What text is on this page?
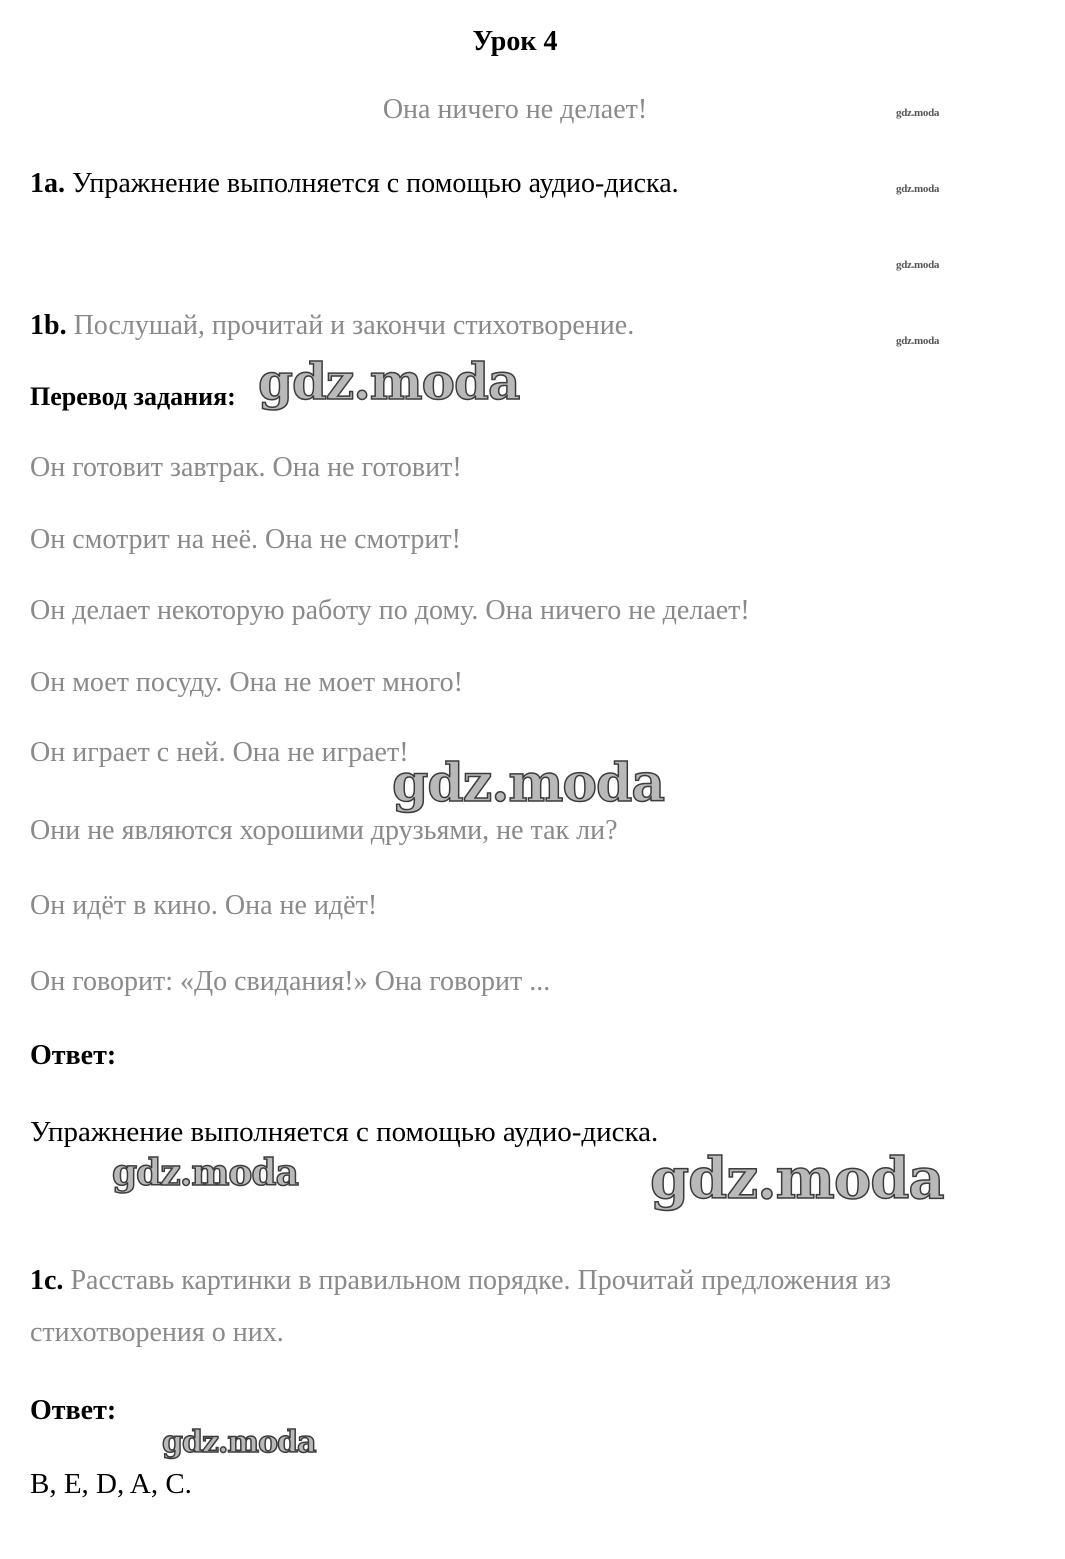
Урок 4
Она ничего не делает!	gdz.moda
gdz.moda
gdz.moda
gdz.moda
1a. Упражнение выполняется с помощью аудио-диска.
1b. Послушай, прочитай и закончи стихотворение.
Перевод задания: gdz.moda
Он готовит завтрак. Она не готовит!
Он смотрит на неё. Она не смотрит!
Он делает некоторую работу по дому. Она ничего не делает!
Он моет посуду. Она не моет много!
Он играет с ней. Она не играет!
gdz.moda
Они не являются хорошими друзьями, не так ли?
Он идёт в кино. Она не идёт!
Он говорит: «До свидания!» Она говорит ...
Ответ:
Упражнение выполняется с помощью аудио-диска.
gdz.moda	gdz.moda
1c. Расставь картинки в правильном порядке. Прочитай предложения из
стихотворения о них.
Ответ:
gdz.moda
B, E, D, A, C.
